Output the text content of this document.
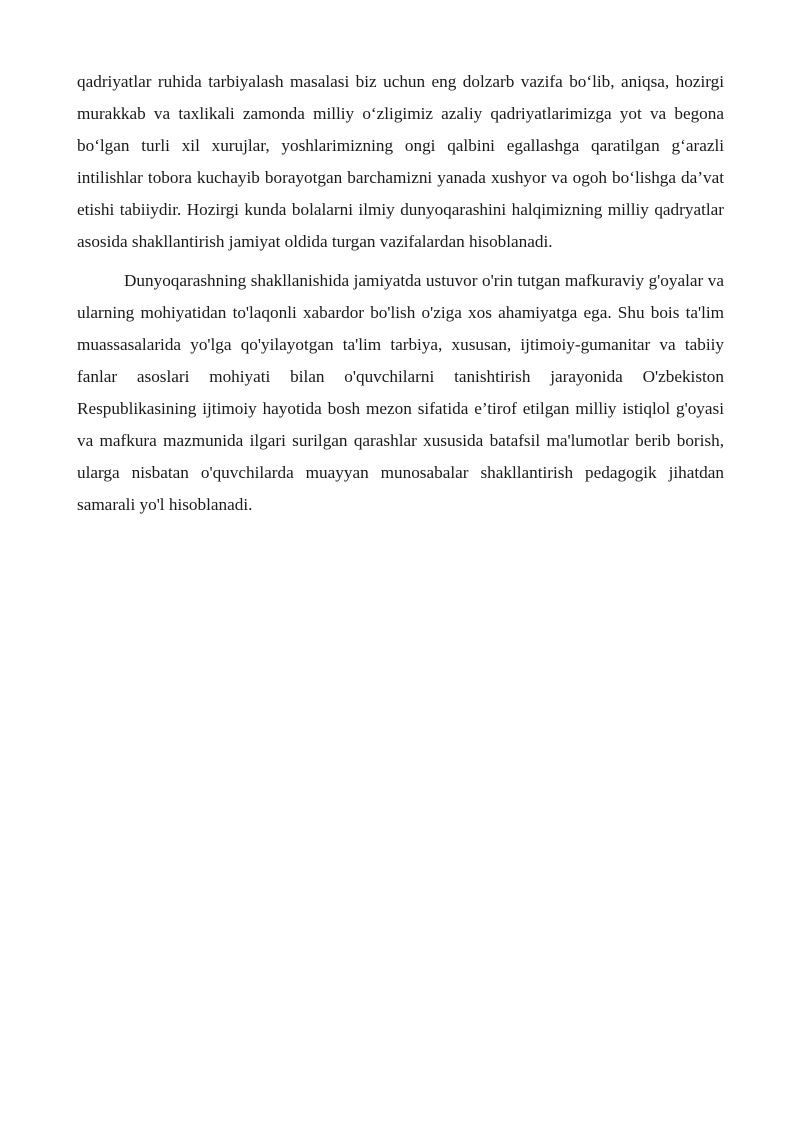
qadriyatlar ruhida tarbiyalash masalasi biz uchun eng dolzarb vazifa bo‘lib, aniqsa, hozirgi murakkab va taxlikali zamonda milliy o‘zligimiz azaliy qadriyatlarimizga yot va begona bo‘lgan turli xil xurujlar, yoshlarimizning ongi qalbini egallashga qaratilgan g‘arazli intilishlar tobora kuchayib borayotgan barchamizni yanada xushyor va ogoh bo‘lishga da’vat etishi tabiiydir. Hozirgi kunda bolalarni ilmiy dunyoqarashini halqimizning milliy qadryatlar asosida shakllantirish jamiyat oldida turgan vazifalardan hisoblanadi.

Dunyoqarashning shakllanishida jamiyatda ustuvor o'rin tutgan mafkuraviy g'oyalar va ularning mohiyatidan to'laqonli xabardor bo'lish o'ziga xos ahamiyatga ega. Shu bois ta'lim muassasalarida yo'lga qo'yilayotgan ta'lim tarbiya, xususan, ijtimoiy-gumanitar va tabiiy fanlar asoslari mohiyati bilan o'quvchilarni tanishtirish jarayonida O'zbekiston Respublikasining ijtimoiy hayotida bosh mezon sifatida e’tirof etilgan milliy istiqlol g'oyasi va mafkura mazmunida ilgari surilgan qarashlar xususida batafsil ma'lumotlar berib borish, ularga nisbatan o'quvchilarda muayyan munosabalar shakllantirish pedagogik jihatdan samarali yo'l hisoblanadi.
